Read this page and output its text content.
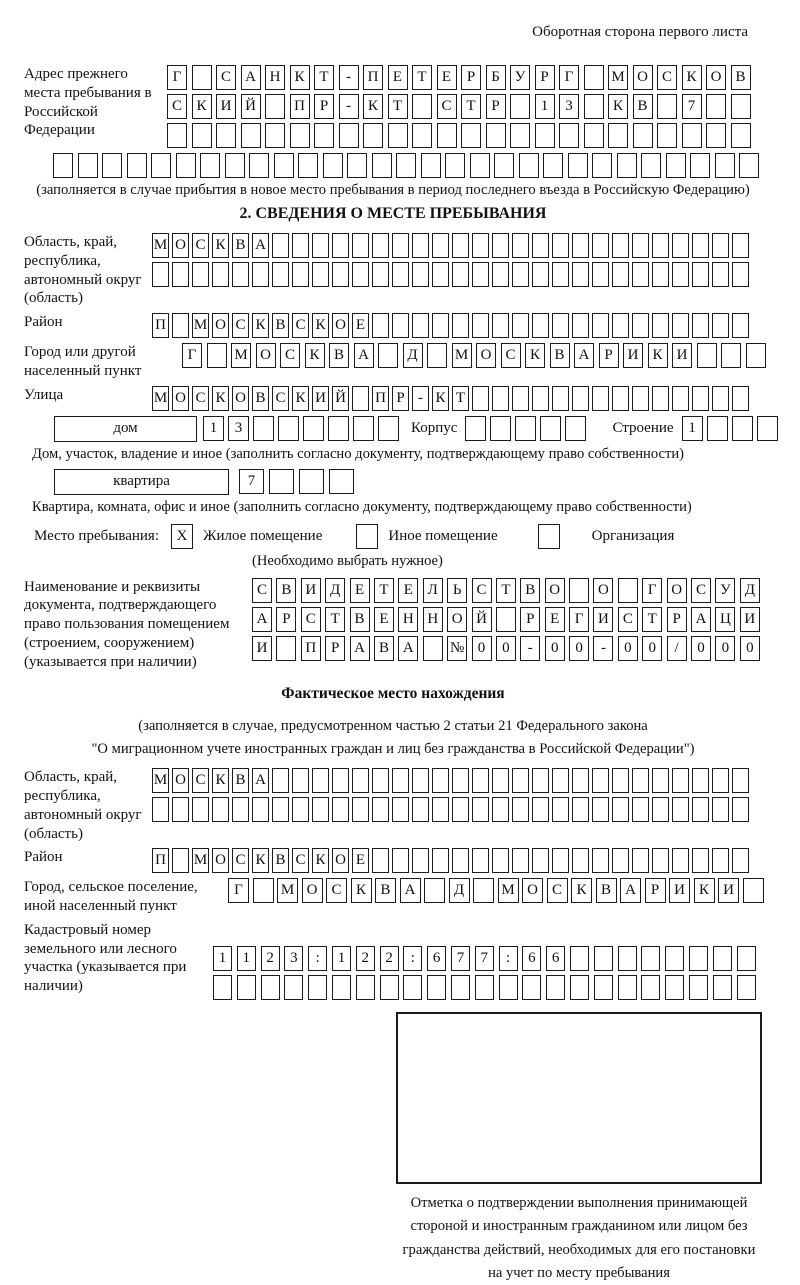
Оборотная сторона первого листа
Адрес прежнего места пребывания в Российской Федерации
Г	С А Н К Т	-	П Е	Т	Е	Р	Б У	Р	Г	М О С К О В
С К И Й	П Р	-	К Т	С Т	Р	1	3	К В	7
(заполняется в случае прибытия в новое место пребывания в период последнего въезда в Российскую Федерацию)
2. СВЕДЕНИЯ О МЕСТЕ ПРЕБЫВАНИЯ
Область, край, республика, автономный округ (область)
М О С К В А
Район	П М О С К В С К О Е
Город или другой населенный пункт
Г	М О С К В А	Д	М О С К В А Р И К И
Улица	М О С К О В С К И Й П Р - К Т
дом	1	3	Корпус	Строение 1
Дом, участок, владение и иное (заполнить согласно документу, подтверждающему право собственности)
квартира	7
Квартира, комната, офис и иное (заполнить согласно документу, подтверждающему право собственности)
Место пребывания:	X	Жилое помещение	Иное помещение	Организация
(Необходимо выбрать нужное)
Наименование и реквизиты документа, подтверждающего право пользования помещением (строением, сооружением) (указывается при наличии)
С В И Д Е	Т	Е Л Ь	С Т В О	О	Г О С У Д
А Р	С Т В Е Н Н О Й	Р	Е	Г И С Т	Р А Ц И
И	П Р А В А	№ 0	0	-	0	0	-	0	0	/	0	0	0
Фактическое место нахождения
(заполняется в случае, предусмотренном частью 2 статьи 21 Федерального закона
"О миграционном учете иностранных граждан и лиц без гражданства в Российской Федерации")
Область, край, республика, автономный округ (область)
М О С К В А
Район	П М О С К В С К О Е
Город, сельское поселение, иной населенный пункт
Г	М О С К В А	Д	М О С К В А Р И К И
Кадастровый номер земельного или лесного участка (указывается при наличии)
1	1	2	3	:	1	2	2	:	6	7	7	:	6	6
Отметка о подтверждении выполнения принимающей стороной и иностранным гражданином или лицом без гражданства действий, необходимых для его постановки на учет по месту пребывания
